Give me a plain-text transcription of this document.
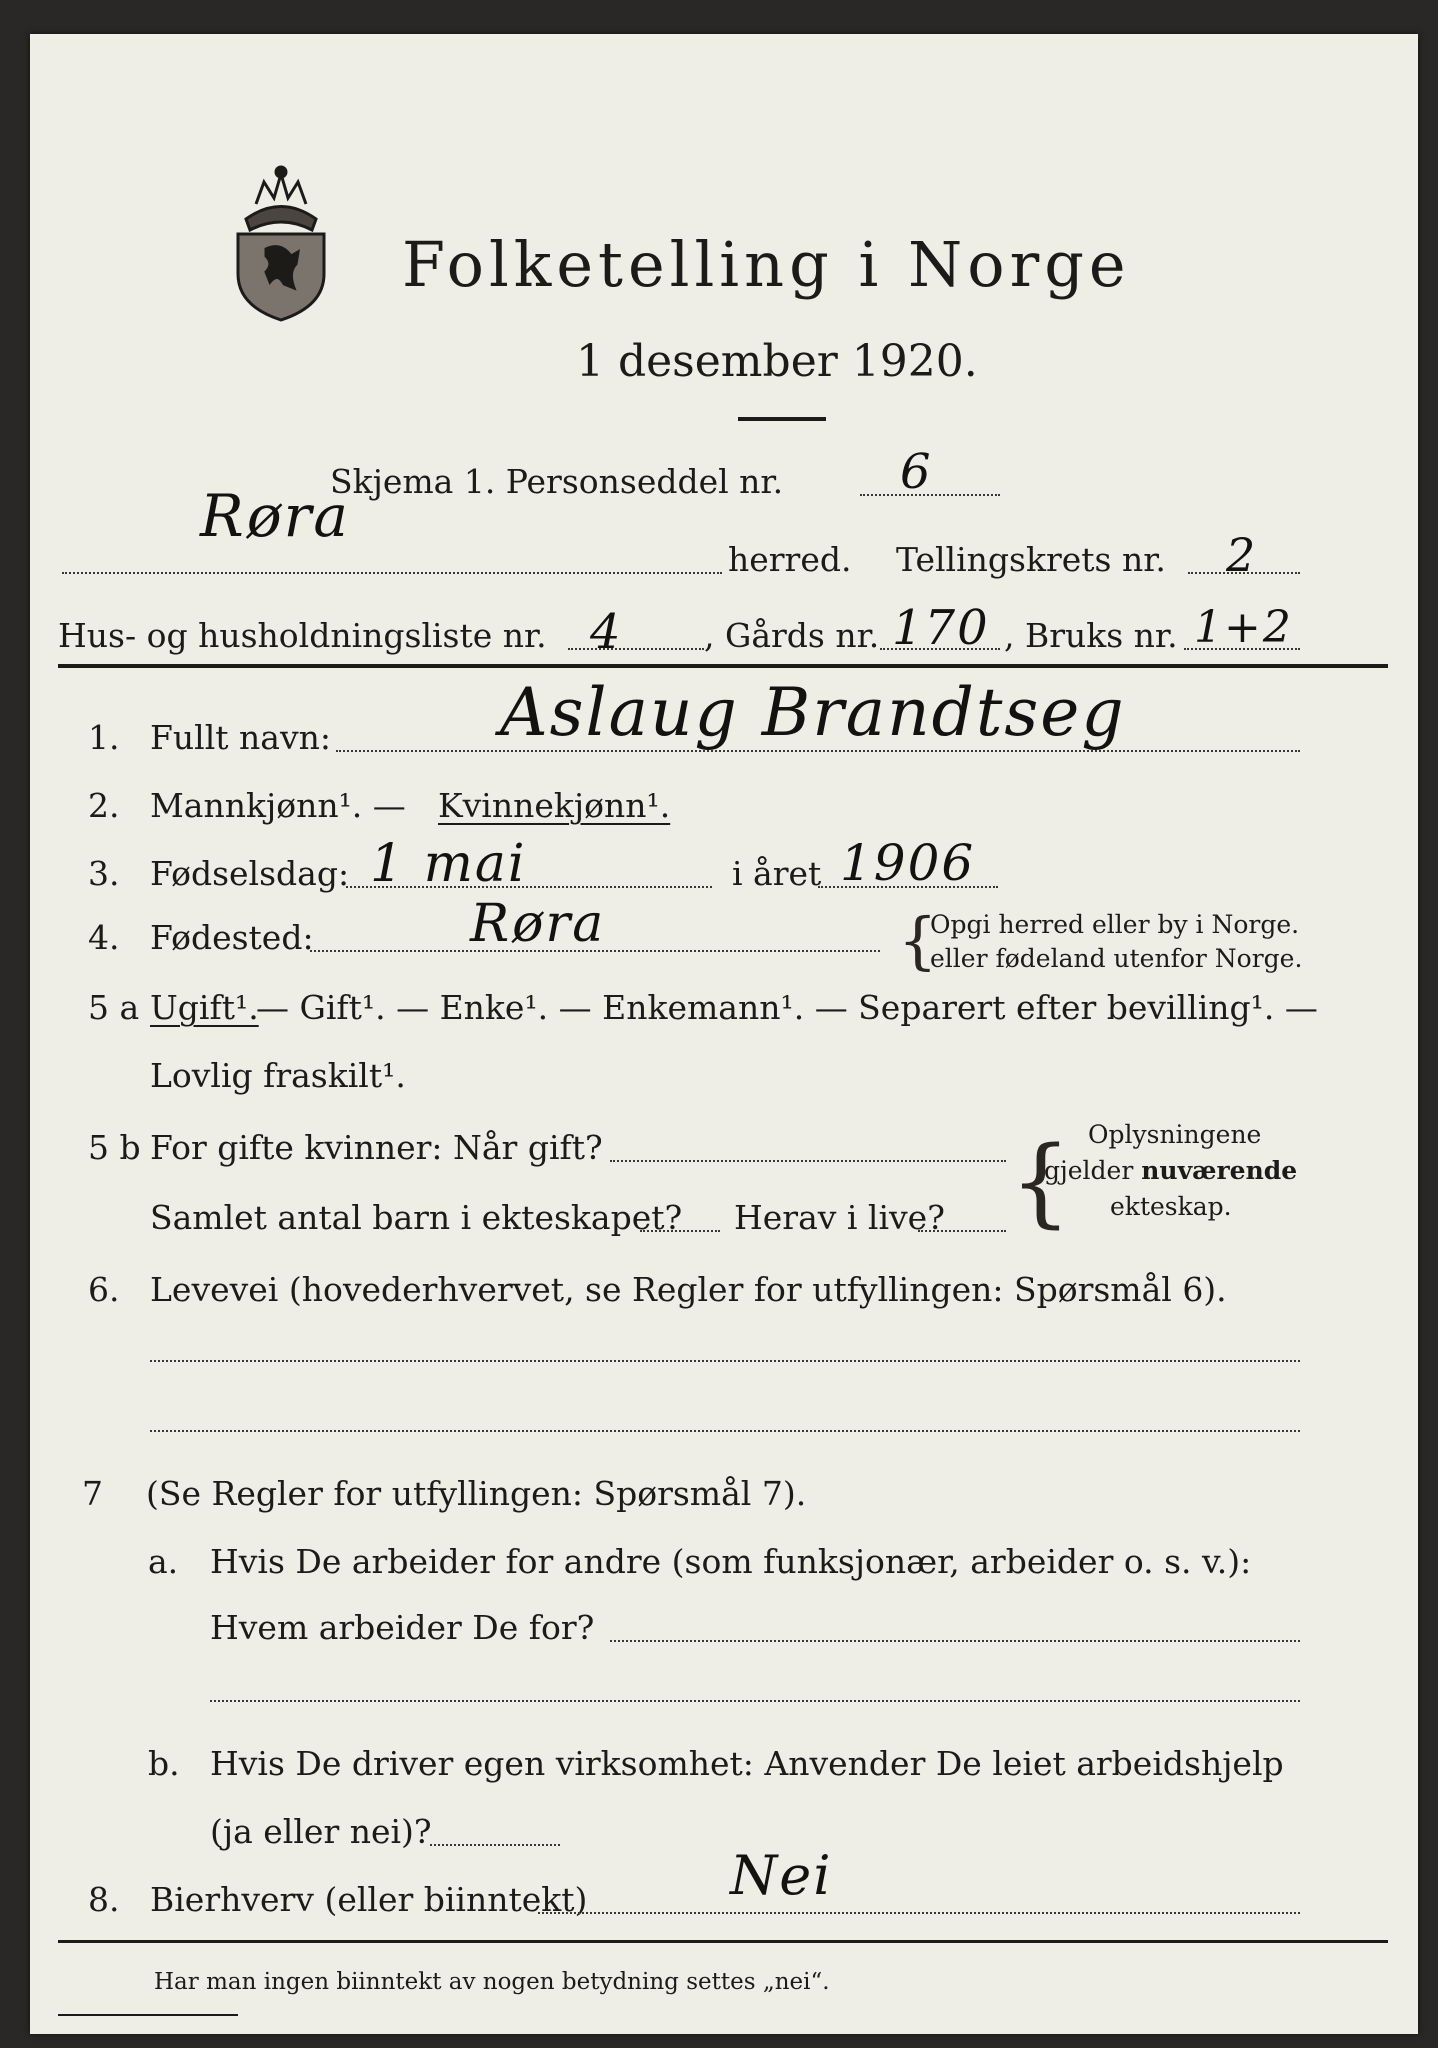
Folketelling i Norge
1 desember 1920.
Skjema 1. Personseddel nr. 6
Røra
herred. Tellingskrets nr. 2
Hus- og husholdningsliste nr. 4 , Gårds nr. 170 , Bruks nr. 1+2
1. Fullt navn:	Aslaug Brandtseg
2. Mannkjønn¹. — Kvinnekjønn¹.
3. Fødselsdag: 1 mai	i året 1906
4. Fødested:	Røra	{
Opgi herred eller by i Norge.
eller fødeland utenfor Norge.
5 a Ugift¹.
— Gift¹. — Enke¹. — Enkemann¹. — Separert efter bevilling¹. —
Lovlig fraskilt¹.
5 b For gifte kvinner: Når gift?
Samlet antal barn i ekteskapet? Herav i live? { Oplysningene
gjelder nuværende
ekteskap.
6. Levevei (hovederhvervet, se Regler for utfyllingen: Spørsmål 6).
7 (Se Regler for utfyllingen: Spørsmål 7).
a. Hvis De arbeider for andre (som funksjonær, arbeider o. s. v.):
Hvem arbeider De for?
b. Hvis De driver egen virksomhet: Anvender De leiet arbeidshjelp
(ja eller nei)?
8. Bierhverv (eller biinntekt)	Nei
Har man ingen biinntekt av nogen betydning settes „nei“.
